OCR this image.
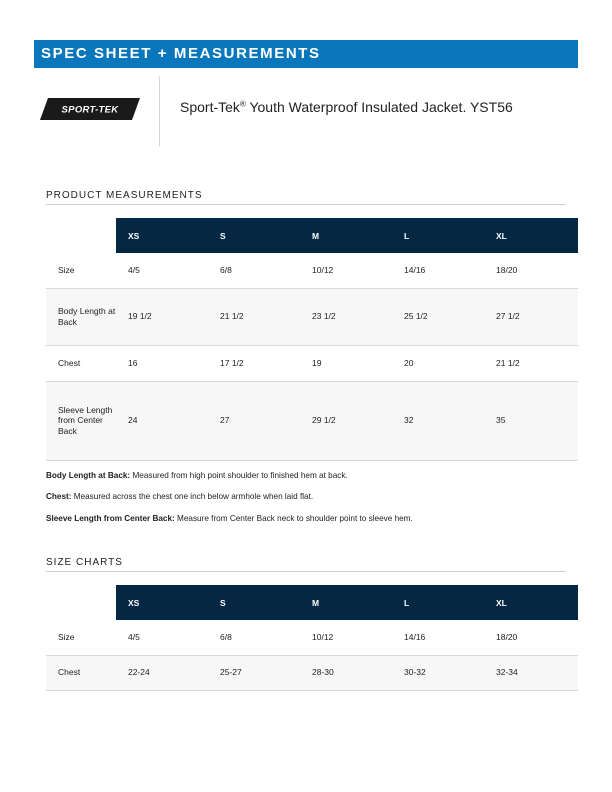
SPEC SHEET + MEASUREMENTS
SPORT-TEK	Sport-Tek® Youth Waterproof Insulated Jacket. YST56
PRODUCT MEASUREMENTS
	XS	S	M	L	XL
Size	4/5	6/8	10/12	14/16	18/20
Body Length at Back	19 1/2	21 1/2	23 1/2	25 1/2	27 1/2
Chest	16	17 1/2	19	20	21 1/2
Sleeve Length from Center Back	24	27	29 1/2	32	35
Body Length at Back: Measured from high point shoulder to finished hem at back.
Chest: Measured across the chest one inch below armhole when laid flat.
Sleeve Length from Center Back: Measure from Center Back neck to shoulder point to sleeve hem.
SIZE CHARTS
	XS	S	M	L	XL
Size	4/5	6/8	10/12	14/16	18/20
Chest	22-24	25-27	28-30	30-32	32-34
